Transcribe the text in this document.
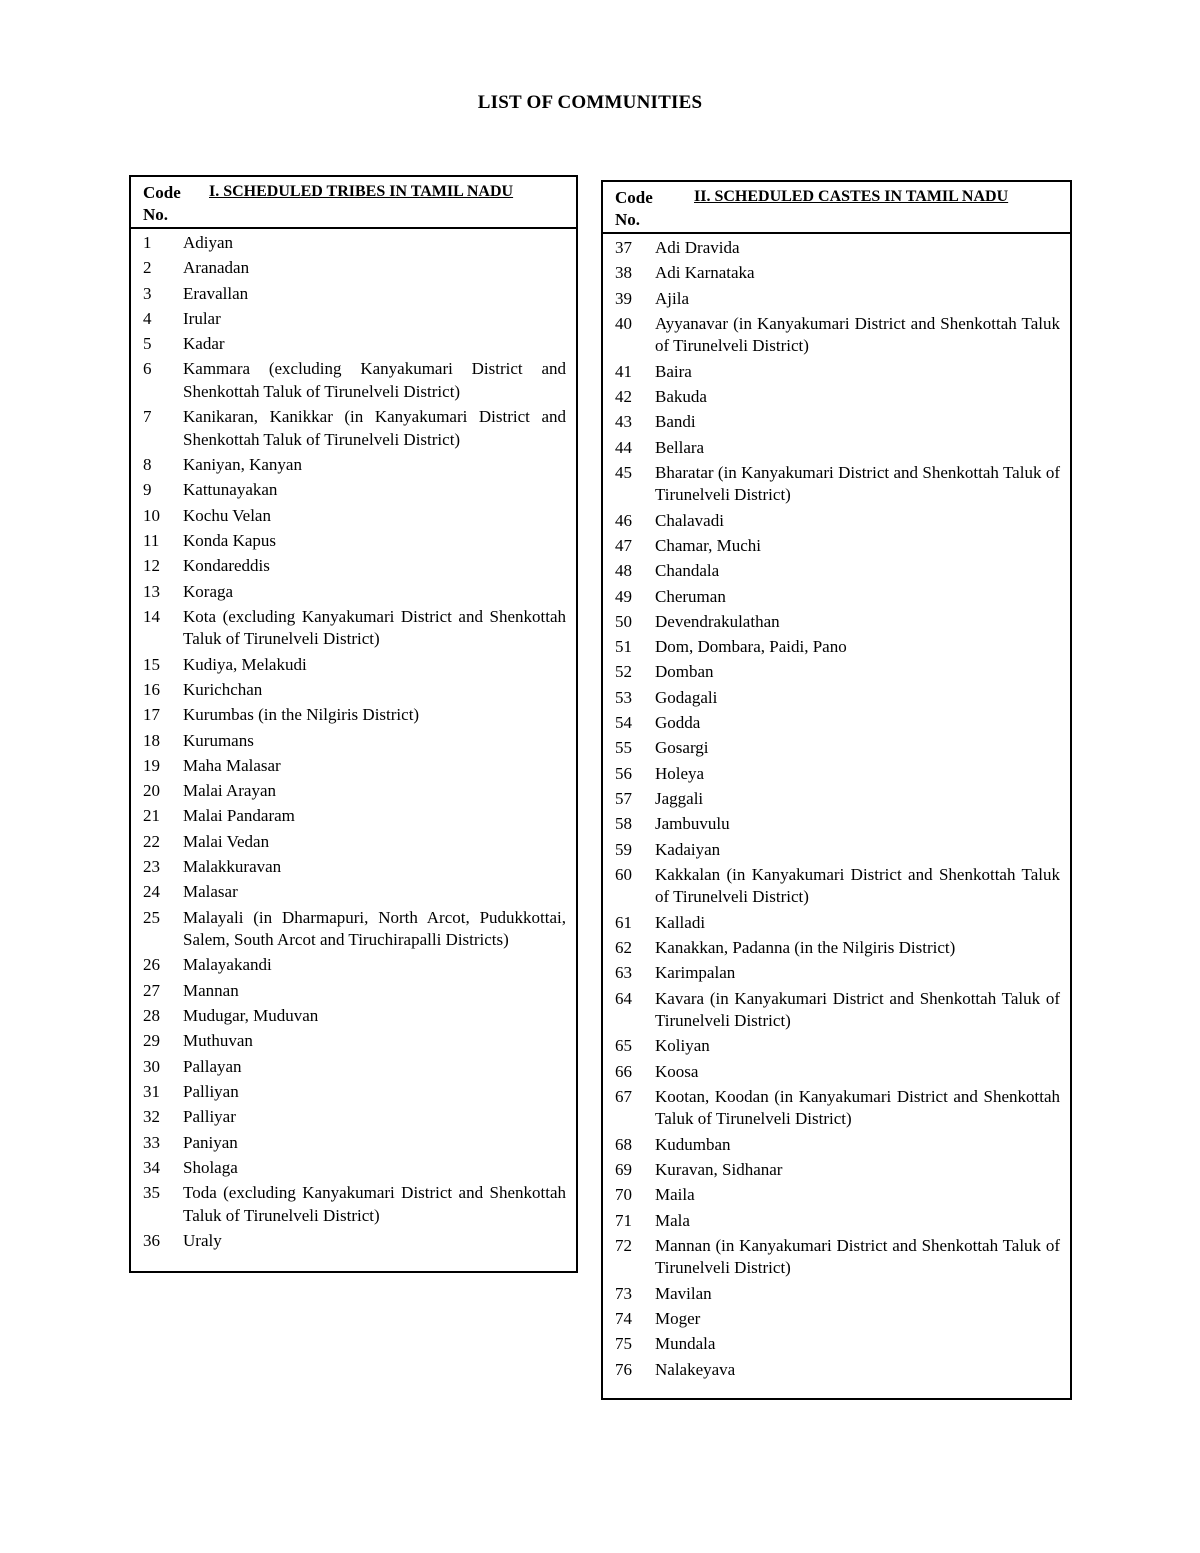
LIST OF COMMUNITIES
Code
No.
I. SCHEDULED TRIBES IN TAMIL NADU
1	Adiyan
2	Aranadan
3	Eravallan
4	Irular
5	Kadar
6	Kammara (excluding Kanyakumari District and Shenkottah Taluk of Tirunelveli District)
7	Kanikaran, Kanikkar (in Kanyakumari District and Shenkottah Taluk of Tirunelveli District)
8	Kaniyan, Kanyan
9	Kattunayakan
10	Kochu Velan
11	Konda Kapus
12	Kondareddis
13	Koraga
14	Kota (excluding Kanyakumari District and Shenkottah Taluk of Tirunelveli District)
15	Kudiya, Melakudi
16	Kurichchan
17	Kurumbas (in the Nilgiris District)
18	Kurumans
19	Maha Malasar
20	Malai Arayan
21	Malai Pandaram
22	Malai Vedan
23	Malakkuravan
24	Malasar
25	Malayali (in Dharmapuri, North Arcot, Pudukkottai, Salem, South Arcot and Tiruchirapalli Districts)
26	Malayakandi
27	Mannan
28	Mudugar, Muduvan
29	Muthuvan
30	Pallayan
31	Palliyan
32	Palliyar
33	Paniyan
34	Sholaga
35	Toda (excluding Kanyakumari District and Shenkottah Taluk of Tirunelveli District)
36	Uraly
Code
No.
II. SCHEDULED CASTES IN TAMIL NADU
37	Adi Dravida
38	Adi Karnataka
39	Ajila
40	Ayyanavar (in Kanyakumari District and Shenkottah Taluk of Tirunelveli District)
41	Baira
42	Bakuda
43	Bandi
44	Bellara
45	Bharatar (in Kanyakumari District and Shenkottah Taluk of Tirunelveli District)
46	Chalavadi
47	Chamar, Muchi
48	Chandala
49	Cheruman
50	Devendrakulathan
51	Dom, Dombara, Paidi, Pano
52	Domban
53	Godagali
54	Godda
55	Gosargi
56	Holeya
57	Jaggali
58	Jambuvulu
59	Kadaiyan
60	Kakkalan (in Kanyakumari District and Shenkottah Taluk of Tirunelveli District)
61	Kalladi
62	Kanakkan, Padanna (in the Nilgiris District)
63	Karimpalan
64	Kavara (in Kanyakumari District and Shenkottah Taluk of Tirunelveli District)
65	Koliyan
66	Koosa
67	Kootan, Koodan (in Kanyakumari District and Shenkottah Taluk of Tirunelveli District)
68	Kudumban
69	Kuravan, Sidhanar
70	Maila
71	Mala
72	Mannan (in Kanyakumari District and Shenkottah Taluk of Tirunelveli District)
73	Mavilan
74	Moger
75	Mundala
76	Nalakeyava
